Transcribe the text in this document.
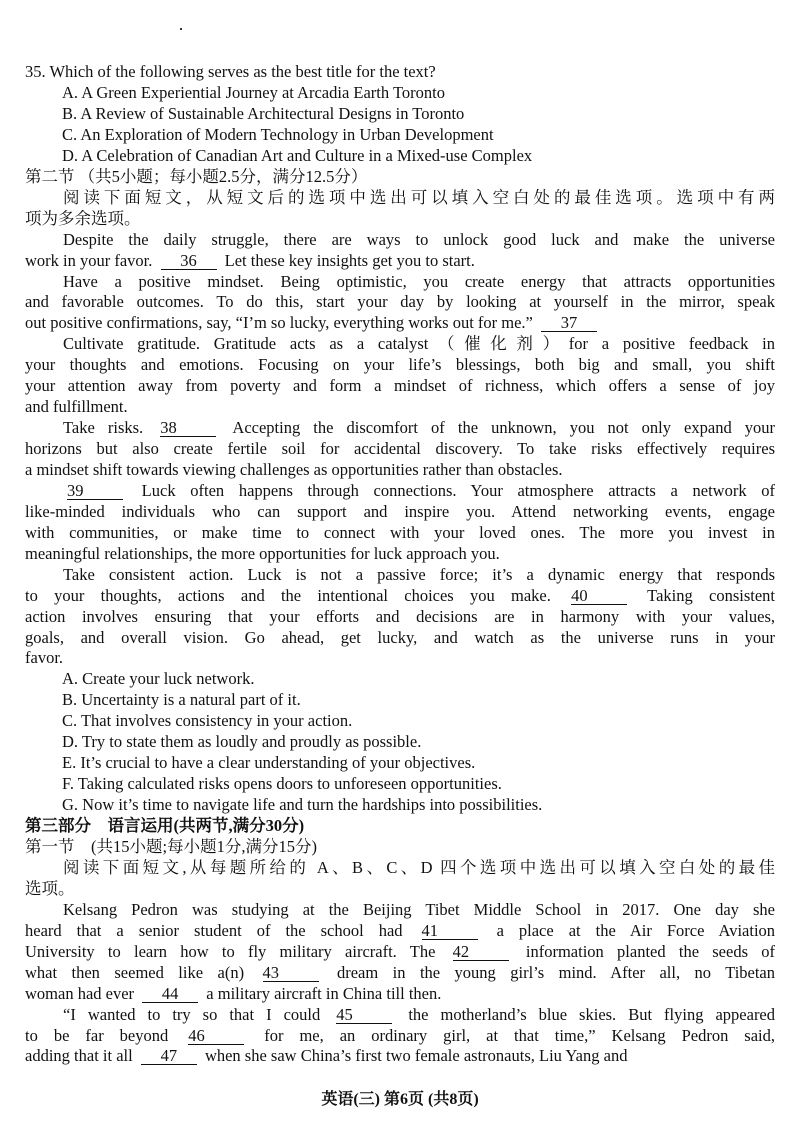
35. Which of the following serves as the best title for the text?
A. A Green Experiential Journey at Arcadia Earth Toronto
B. A Review of Sustainable Architectural Designs in Toronto
C. An Exploration of Modern Technology in Urban Development
D. A Celebration of Canadian Art and Culture in a Mixed-use Complex
第二节 （共5小题；每小题2.5分，满分12.5分）
阅读下面短文，从短文后的选项中选出可以填入空白处的最佳选项。选项中有两
项为多余选项。
Despite the daily struggle, there are ways to unlock good luck and make the universe
work in your favor. 36 Let these key insights get you to start.
Have a positive mindset. Being optimistic, you create energy that attracts opportunities
and favorable outcomes. To do this, start your day by looking at yourself in the mirror, speak
out positive confirmations, say, “I’m so lucky, everything works out for me.” 37
Cultivate gratitude. Gratitude acts as a catalyst（催化剂）for a positive feedback in
your thoughts and emotions. Focusing on your life’s blessings, both big and small, you shift
your attention away from poverty and form a mindset of richness, which offers a sense of joy
and fulfillment.
Take risks. 38	Accepting the discomfort of the unknown, you not only expand your
horizons but also create fertile soil for accidental discovery. To take risks effectively requires
a mindset shift towards viewing challenges as opportunities rather than obstacles.
39	Luck often happens through connections. Your atmosphere attracts a network of
like-minded individuals who can support and inspire you. Attend networking events, engage
with communities, or make time to connect with your loved ones. The more you invest in
meaningful relationships, the more opportunities for luck approach you.
Take consistent action. Luck is not a passive force; it’s a dynamic energy that responds
to your thoughts, actions and the intentional choices you make. 40	Taking consistent
action involves ensuring that your efforts and decisions are in harmony with your values,
goals, and overall vision. Go ahead, get lucky, and watch as the universe runs in your
favor.
A. Create your luck network.
B. Uncertainty is a natural part of it.
C. That involves consistency in your action.
D. Try to state them as loudly and proudly as possible.
E. It’s crucial to have a clear understanding of your objectives.
F. Taking calculated risks opens doors to unforeseen opportunities.
G. Now it’s time to navigate life and turn the hardships into possibilities.
第三部分　语言运用(共两节,满分30分)
第一节　(共15小题;每小题1分,满分15分)
阅读下面短文,从每题所给的 A、B、C、D 四个选项中选出可以填入空白处的最佳
选项。
Kelsang Pedron was studying at the Beijing Tibet Middle School in 2017. One day she
heard that a senior student of the school had 41	a place at the Air Force Aviation
University to learn how to fly military aircraft. The 42	information planted the seeds of
what then seemed like a(n) 43	dream in the young girl’s mind. After all, no Tibetan
woman had ever 44 a military aircraft in China till then.
“I wanted to try so that I could 45	the motherland’s blue skies. But flying appeared
to be far beyond 46	for me, an ordinary girl, at that time,” Kelsang Pedron said,
adding that it all 47 when she saw China’s first two female astronauts, Liu Yang and
英语(三) 第6页 (共8页)
